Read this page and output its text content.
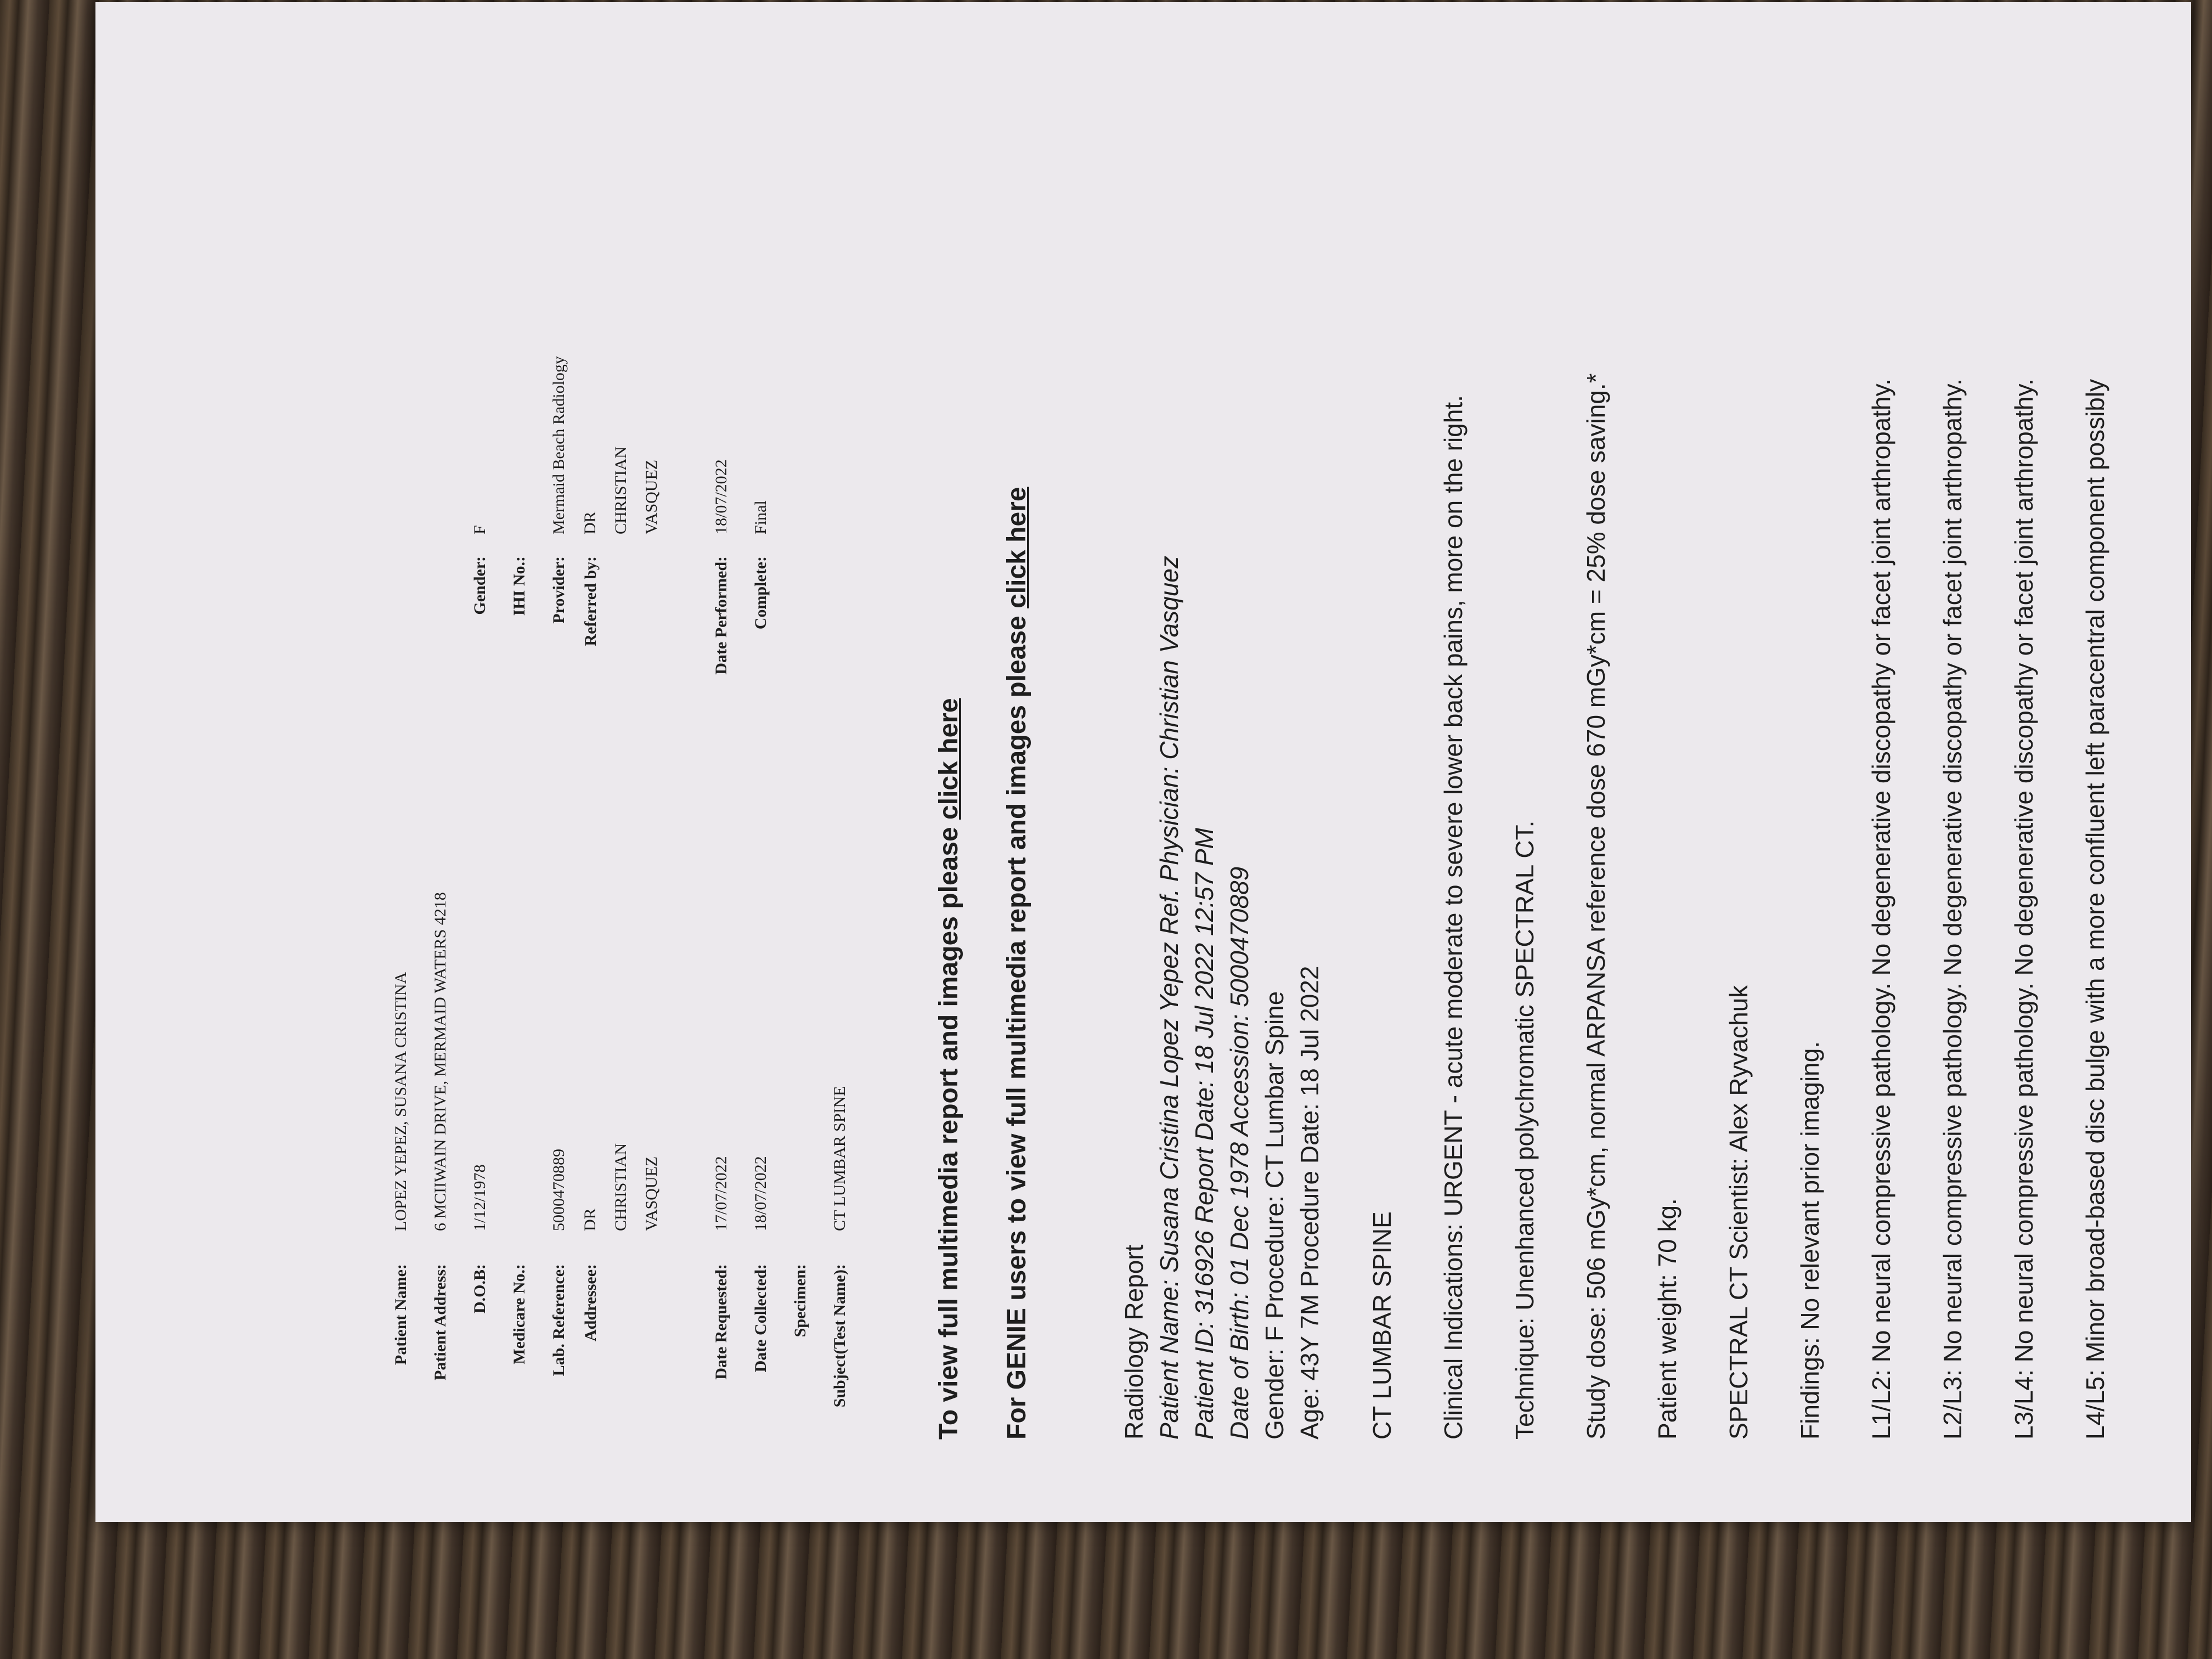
Patient Name:
LOPEZ YEPEZ, SUSANA CRISTINA
Patient Address:
6 MCIIWAIN DRIVE, MERMAID WATERS 4218
D.O.B:
1/12/1978
Medicare No.: Lab. Reference:
5000470889
Addressee:
DR CHRISTIAN VASQUEZ
Date Requested:
17/07/2022
Date Collected:
18/07/2022
Specimen: Subject(Test Name):
CT LUMBAR SPINE
Gender:
F
IHI No.: Provider:
Mermaid Beach Radiology
Referred by:
DR CHRISTIAN VASQUEZ
Date Performed:
18/07/2022
Complete:
Final
To view full multimedia report and images please click here For GENIE users to view full multimedia report and images please click here
Radiology Report Patient Name: Susana Cristina Lopez Yepez Ref. Physician: Christian Vasquez Patient ID: 316926 Report Date: 18 Jul 2022 12:57 PM Date of Birth: 01 Dec 1978 Accession: 5000470889 Gender: F Procedure: CT Lumbar Spine Age: 43Y 7M Procedure Date: 18 Jul 2022 CT LUMBAR SPINE Clinical Indications: URGENT - acute moderate to severe lower back pains, more on the right. Technique: Unenhanced polychromatic SPECTRAL CT. Study dose: 506 mGy*cm, normal ARPANSA reference dose 670 mGy*cm = 25% dose saving.* Patient weight: 70 kg. SPECTRAL CT Scientist: Alex Ryvachuk Findings: No relevant prior imaging. L1/L2: No neural compressive pathology. No degenerative discopathy or facet joint arthropathy. L2/L3: No neural compressive pathology. No degenerative discopathy or facet joint arthropathy. L3/L4: No neural compressive pathology. No degenerative discopathy or facet joint arthropathy. L4/L5: Minor broad-based disc bulge with a more confluent left paracentral component possibly
